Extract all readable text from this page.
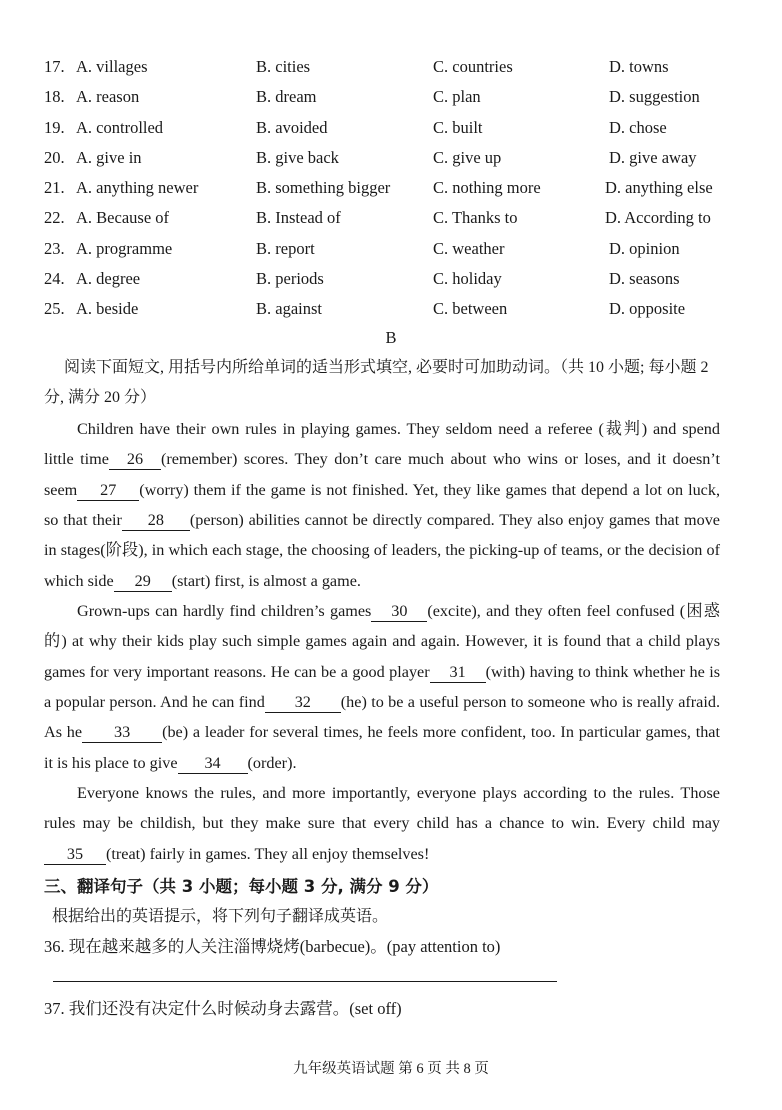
17. A. villages	B. cities	C. countries	D. towns
18. A. reason	B. dream	C. plan	D. suggestion
19. A. controlled	B. avoided	C. built	D. chose
20. A. give in	B. give back	C. give up	D. give away
21. A. anything newer	B. something bigger	C. nothing more	D. anything else
22. A. Because of	B. Instead of	C. Thanks to	D. According to
23. A. programme	B. report	C. weather	D. opinion
24. A. degree	B. periods	C. holiday	D. seasons
25. A. beside	B. against	C. between	D. opposite
B
阅读下面短文, 用括号内所给单词的适当形式填空, 必要时可加助动词。（共 10 小题; 每小题 2 分, 满分 20 分）

Children have their own rules in playing games. They seldom need a referee (裁判) and spend little time 26 (remember) scores. They don’t care much about who wins or loses, and it doesn’t seem 27 (worry) them if the game is not finished. Yet, they like games that depend a lot on luck, so that their 28 (person) abilities cannot be directly compared. They also enjoy games that move in stages(阶段), in which each stage, the choosing of leaders, the picking-up of teams, or the decision of which side 29 (start) first, is almost a game.

Grown-ups can hardly find children’s games 30 (excite), and they often feel confused (困惑的) at why their kids play such simple games again and again. However, it is found that a child plays games for very important reasons. He can be a good player 31 (with) having to think whether he is a popular person. And he can find 32 (he) to be a useful person to someone who is really afraid. As he 33 (be) a leader for several times, he feels more confident, too. In particular games, that it is his place to give 34 (order).

Everyone knows the rules, and more importantly, everyone plays according to the rules. Those rules may be childish, but they make sure that every child has a chance to win. Every child may35 (treat) fairly in games. They all enjoy themselves!

三、翻译句子（共 3 小题；每小题 3 分, 满分 9 分）
根据给出的英语提示，将下列句子翻译成英语。
36. 现在越来越多的人关注淄博烧烤(barbecue)。(pay attention to)
37. 我们还没有决定什么时候动身去露营。(set off)
九年级英语试题 第 6 页 共 8 页
